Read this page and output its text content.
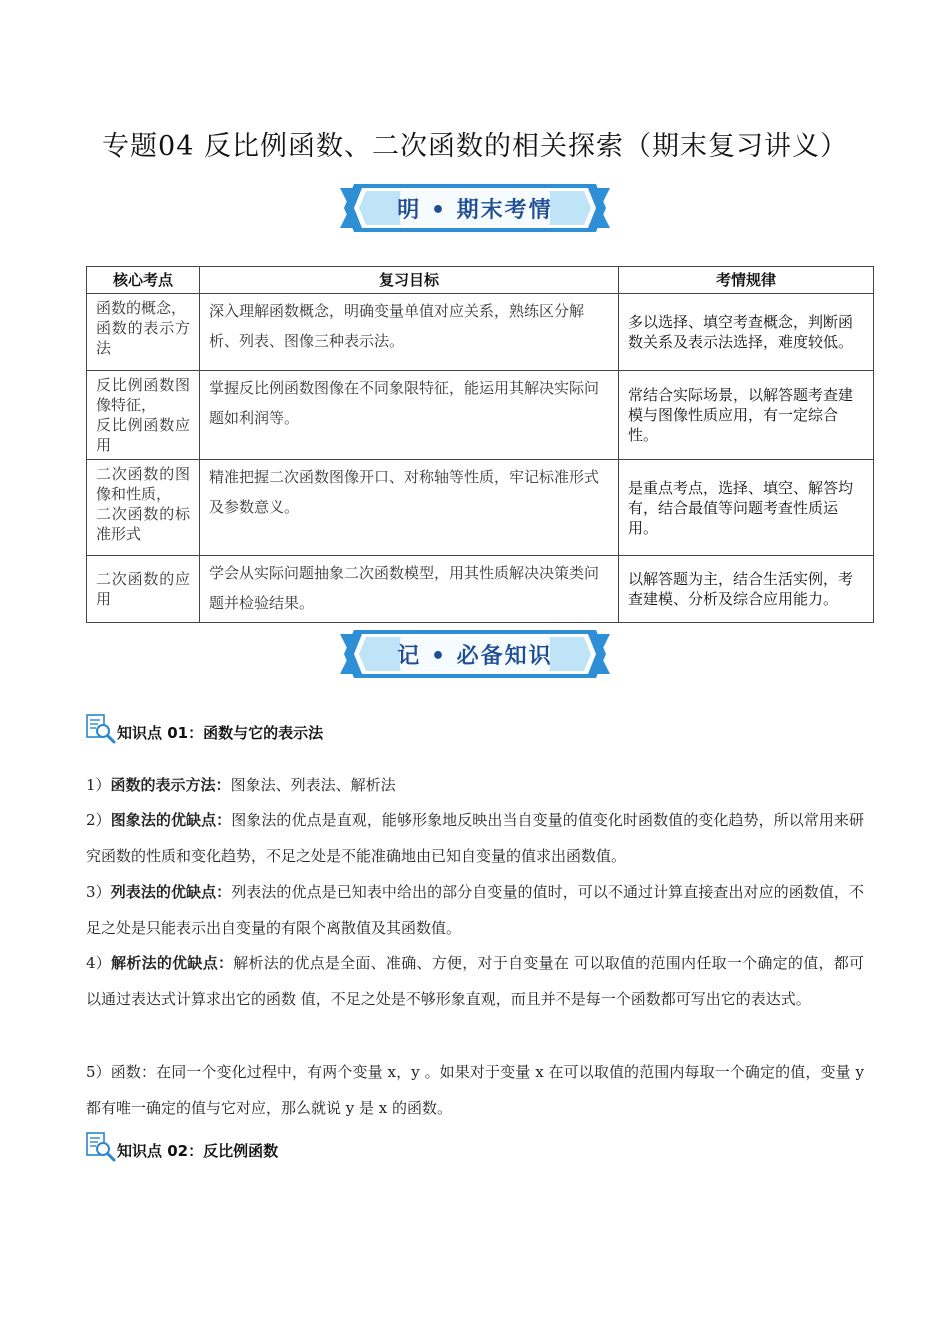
专题04 反比例函数、二次函数的相关探索（期末复习讲义）
明 • 期末考情
核心考点	复习目标	考情规律
函数的概念，
函数的表示方法	深入理解函数概念，明确变量单值对应关系，熟练区分解析、列表、图像三种表示法。	多以选择、填空考查概念，判断函数关系及表示法选择，难度较低。
反比例函数图像特征，
反比例函数应用	掌握反比例函数图像在不同象限特征，能运用其解决实际问题如利润等。	常结合实际场景，以解答题考查建模与图像性质应用，有一定综合性。
二次函数的图像和性质，
二次函数的标准形式	精准把握二次函数图像开口、对称轴等性质，牢记标准形式及参数意义。	是重点考点，选择、填空、解答均有，结合最值等问题考查性质运用。
二次函数的应用	学会从实际问题抽象二次函数模型，用其性质解决决策类问题并检验结果。	以解答题为主，结合生活实例，考查建模、分析及综合应用能力。
记 • 必备知识
知识点 01：函数与它的表示法
1）函数的表示方法：图象法、列表法、解析法
2）图象法的优缺点：图象法的优点是直观，能够形象地反映出当自变量的值变化时函数值的变化趋势，所以常用来研究函数的性质和变化趋势，不足之处是不能准确地由已知自变量的值求出函数值。
3）列表法的优缺点：列表法的优点是已知表中给出的部分自变量的值时，可以不通过计算直接查出对应的函数值，不足之处是只能表示出自变量的有限个离散值及其函数值。
4）解析法的优缺点：解析法的优点是全面、准确、方便，对于自变量在 可以取值的范围内任取一个确定的值，都可以通过表达式计算求出它的函数 值，不足之处是不够形象直观，而且并不是每一个函数都可写出它的表达式。
5）函数：在同一个变化过程中，有两个变量 x，y 。如果对于变量 x 在可以取值的范围内每取一个确定的值，变量 y 都有唯一确定的值与它对应，那么就说 y 是 x 的函数。
知识点 02：反比例函数
